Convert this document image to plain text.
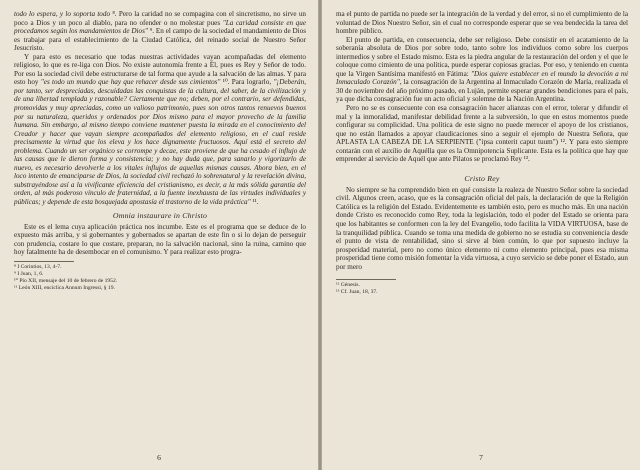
todo lo espera, y lo soporta todo ⁸. Pero la caridad no se compagina con el sincretismo, no sirve un poco a Dios y un poco al diablo, para no ofender o no molestar pues "La caridad consiste en que procedamos según los mandamientos de Dios" ⁹. En el campo de la sociedad el mandamiento de Dios es trabajar para el establecimiento de la Ciudad Católica, del reinado social de Nuestro Señor Jesucristo.

Y para esto es necesario que todas nuestras actividades vayan acompañadas del elemento religioso, lo que es re-liga con Dios. No existe autonomía frente a Él, pues es Rey y Señor de todo. Por eso la sociedad civil debe estructurarse de tal forma que ayude a la salvación de las almas. Y para esto hoy "es todo un mundo que hay que rehacer desde sus cimientos" ¹⁰. Para lograrlo, "¡Deberán, por tanto, ser despreciadas, descuidadas las conquistas de la cultura, del saber, de la civilización y de una libertad templada y razonable? Ciertamente que no; deben, por el contrario, ser defendidas, promovidas y muy apreciadas, como un valioso patrimonio, pues son otros tantos renuevos buenos por su naturaleza, queridos y ordenados por Dios mismo para el mayor provecho de la familia humana. Sin embargo, al mismo tiempo conviene mantener puesta la mirada en el conocimiento del Creador y hacer que vayan siempre acompañados del elemento religioso, en el cual reside precisamente la virtud que los eleva y los hace dignamente fructuosos. Aquí está el secreto del problema. Cuando un ser orgánico se corrompe y decae, este proviene de que ha cesado el influjo de las causas que le dieron forma y consistencia; y no hay duda que, para sanarlo y vigorizarlo de nuevo, es necesario devolverle a los vitales influjos de aquellas mismas causas. Ahora bien, en el loco intento de emanciparse de Dios, la sociedad civil rechazó lo sobrenatural y la revelación divina, substrayéndose así a la vivificante eficiencia del cristianismo, es decir, a la más sólida garantía del orden, al más poderoso vínculo de fraternidad, a la fuente inexhausta de las virtudes individuales y públicas; y depende de esta bosquejada apostasía el trastorno de la vida práctica" ¹¹.

Omnia instaurare in Christo

Este es el lema cuya aplicación práctica nos incumbe. Este es el programa que se deduce de lo expuesto más arriba, y si gobernantes y gobernados se apartan de este fin o si lo dejan de perseguir con prudencia, costare lo que costare, preparan, no la salvación nacional, sino la ruina, camino que hoy fatalmente ha de desembocar en el comunismo. Y para realizar esto progra-

⁸ I Corintios, 13, 4-7.

⁹ I Juan, 1, 6.

¹⁰ Pío XII, mensaje del 10 de febrero de 1952.

¹¹ León XIII, encíclica Annum Ingressi, § 19.

6

ma el punto de partida no puede ser la integración de la verdad y del error, si no el cumplimiento de la voluntad de Dios Nuestro Señor, sin el cual no corresponde esperar que se vea bendecida la tarea del hombre público.

El punto de partida, en consecuencia, debe ser religioso. Debe consistir en el acatamiento de la soberanía absoluta de Dios por sobre todo, tanto sobre los individuos como sobre los cuerpos intermedios y sobre el Estado mismo. Esta es la piedra angular de la restauración del orden y el que le coloque como cimiento de una política, puede esperar copiosas gracias. Por eso, y teniendo en cuenta que la Virgen Santísima manifestó en Fátima: "Dios quiere establecer en el mundo la devoción a mi Inmaculado Corazón", la consagración de la Argentina al Inmaculado Corazón de María, realizada el 30 de noviembre del año próximo pasado, en Luján, permite esperar grandes bendiciones para el país, ya que dicha consagración fue un acto oficial y solemne de la Nación Argentina.

Pero no se es consecuente con esa consagración hacer alianzas con el error, tolerar y difundir el mal y la inmoralidad, manifestar debilidad frente a la subversión, lo que en estos momentos puede configurar su complicidad. Una política de este signo no puede merecer el apoyo de los cristianos, que no están llamados a apoyar claudicaciones sino a seguir el ejemplo de Nuestra Señora, que APLASTA LA CABEZA DE LA SERPIENTE ("ipsa conterit caput tuum") ¹². Y para esto siempre contarán con el auxilio de Aquélla que es la Omnipotencia Suplicante. Esta es la política que hay que emprender al servicio de Aquél que ante Pilatos se proclamó Rey ¹³.

Cristo Rey

No siempre se ha comprendido bien en qué consiste la realeza de Nuestro Señor sobre la sociedad civil. Algunos creen, acaso, que es la consagración oficial del país, la declaración de que la Religión Católica es la religión del Estado. Evidentemente es también esto, pero es mucho más. En una nación donde Cristo es reconocido como Rey, toda la legislación, todo el poder del Estado se orienta para que los habitantes se conformen con la ley del Evangelio, todo facilita la VIDA VIRTUOSA, base de la tranquilidad pública. Cuando se toma una medida de gobierno no se estudia su conveniencia desde el punto de vista de rentabilidad, sino si sirve al bien común, lo que por supuesto incluye la prosperidad material, pero no como único elemento ni como elemento principal, pues esa misma prosperidad tiene como misión fomentar la vida virtuosa, a cuyo servicio se debe poner el Estado, aun por mero

¹² Génesis.

¹³ Cf. Juan, 18, 37.

7
